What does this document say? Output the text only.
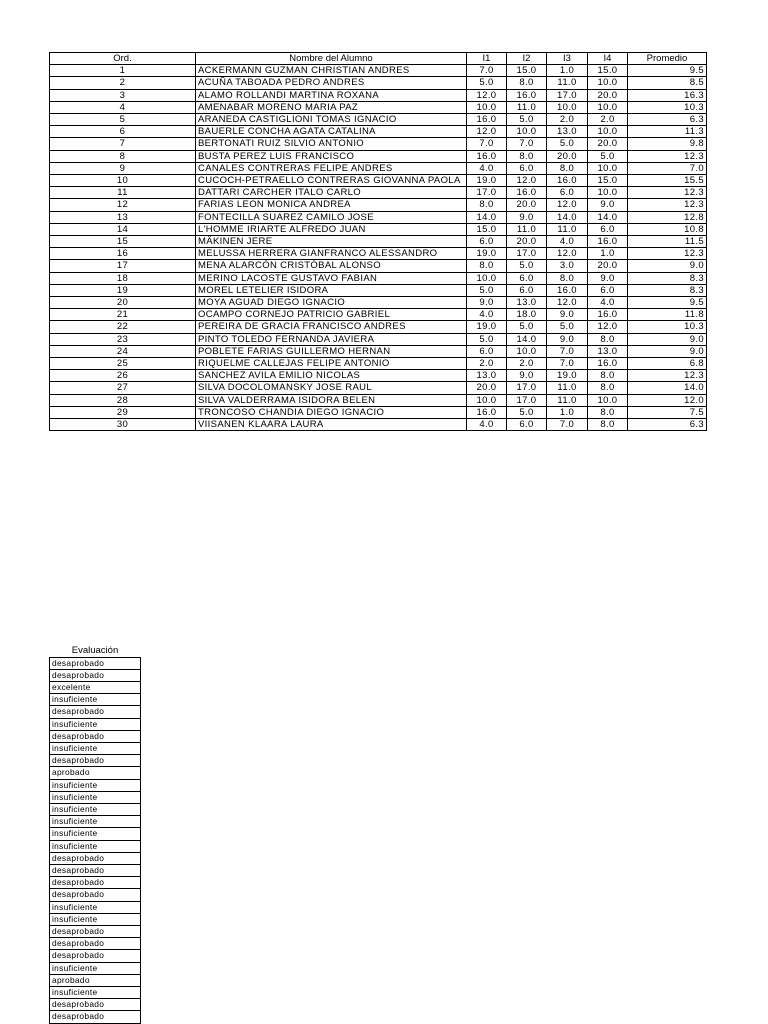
Ord.	Nombre del Alumno	I1	I2	I3	I4	Promedio
1	ACKERMANN GUZMAN CHRISTIAN ANDRES	7.0	15.0	1.0	15.0	9.5
2	ACUÑA TABOADA PEDRO ANDRES	5.0	8.0	11.0	10.0	8.5
3	ALAMO ROLLANDI MARTINA ROXANA	12.0	16.0	17.0	20.0	16.3
4	AMENABAR MORENO MARIA PAZ	10.0	11.0	10.0	10.0	10.3
5	ARANEDA CASTIGLIONI TOMAS IGNACIO	16.0	5.0	2.0	2.0	6.3
6	BAUERLE CONCHA AGATA CATALINA	12.0	10.0	13.0	10.0	11.3
7	BERTONATI RUIZ SILVIO ANTONIO	7.0	7.0	5.0	20.0	9.8
8	BUSTA PEREZ LUIS FRANCISCO	16.0	8.0	20.0	5.0	12.3
9	CANALES CONTRERAS FELIPE ANDRES	4.0	6.0	8.0	10.0	7.0
10	CUCOCH-PETRAELLO CONTRERAS GIOVANNA PAOLA	19.0	12.0	16.0	15.0	15.5
11	DATTARI CARCHER ITALO CARLO	17.0	16.0	6.0	10.0	12.3
12	FARIAS LEON MONICA ANDREA	8.0	20.0	12.0	9.0	12.3
13	FONTECILLA SUAREZ CAMILO JOSE	14.0	9.0	14.0	14.0	12.8
14	L'HOMME IRIARTE ALFREDO JUAN	15.0	11.0	11.0	6.0	10.8
15	MÄKINEN JERE	6.0	20.0	4.0	16.0	11.5
16	MELUSSA HERRERA GIANFRANCO ALESSANDRO	19.0	17.0	12.0	1.0	12.3
17	MENA ALARCÓN CRISTÓBAL ALONSO	8.0	5.0	3.0	20.0	9.0
18	MERINO LACOSTE GUSTAVO FABIAN	10.0	6.0	8.0	9.0	8.3
19	MOREL LETELIER ISIDORA	5.0	6.0	16.0	6.0	8.3
20	MOYA AGUAD DIEGO IGNACIO	9.0	13.0	12.0	4.0	9.5
21	OCAMPO CORNEJO PATRICIO GABRIEL	4.0	18.0	9.0	16.0	11.8
22	PEREIRA DE GRACIA FRANCISCO ANDRES	19.0	5.0	5.0	12.0	10.3
23	PINTO TOLEDO FERNANDA JAVIERA	5.0	14.0	9.0	8.0	9.0
24	POBLETE FARIAS GUILLERMO HERNAN	6.0	10.0	7.0	13.0	9.0
25	RIQUELME CALLEJAS FELIPE ANTONIO	2.0	2.0	7.0	16.0	6.8
26	SANCHEZ AVILA EMILIO NICOLAS	13.0	9.0	19.0	8.0	12.3
27	SILVA DOCOLOMANSKY JOSE RAUL	20.0	17.0	11.0	8.0	14.0
28	SILVA VALDERRAMA ISIDORA BELEN	10.0	17.0	11.0	10.0	12.0
29	TRONCOSO CHANDIA DIEGO IGNACIO	16.0	5.0	1.0	8.0	7.5
30	VIISANEN KLAARA LAURA	4.0	6.0	7.0	8.0	6.3
Evaluación
desaprobado
desaprobado
excelente
insuficiente
desaprobado
insuficiente
desaprobado
insuficiente
desaprobado
aprobado
insuficiente
insuficiente
insuficiente
insuficiente
insuficiente
insuficiente
desaprobado
desaprobado
desaprobado
desaprobado
insuficiente
insuficiente
desaprobado
desaprobado
desaprobado
insuficiente
aprobado
insuficiente
desaprobado
desaprobado
